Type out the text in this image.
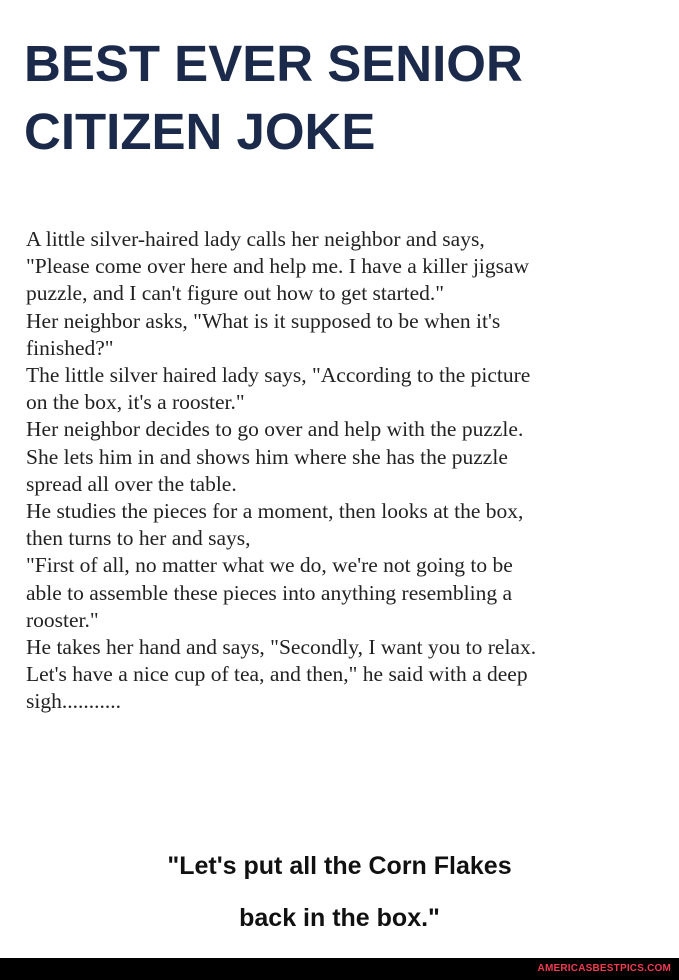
BEST EVER SENIOR
CITIZEN JOKE
A little silver-haired lady calls her neighbor and says,
"Please come over here and help me. I have a killer jigsaw
puzzle, and I can't figure out how to get started."
Her neighbor asks, "What is it supposed to be when it's
finished?"
The little silver haired lady says, "According to the picture
on the box, it's a rooster."
Her neighbor decides to go over and help with the puzzle.
She lets him in and shows him where she has the puzzle
spread all over the table.
He studies the pieces for a moment, then looks at the box,
then turns to her and says,
"First of all, no matter what we do, we're not going to be
able to assemble these pieces into anything resembling a
rooster."
He takes her hand and says, "Secondly, I want you to relax.
Let's have a nice cup of tea, and then," he said with a deep
sigh...........
"Let's put all the Corn Flakes
back in the box."
AMERICASBESTPICS.COM
